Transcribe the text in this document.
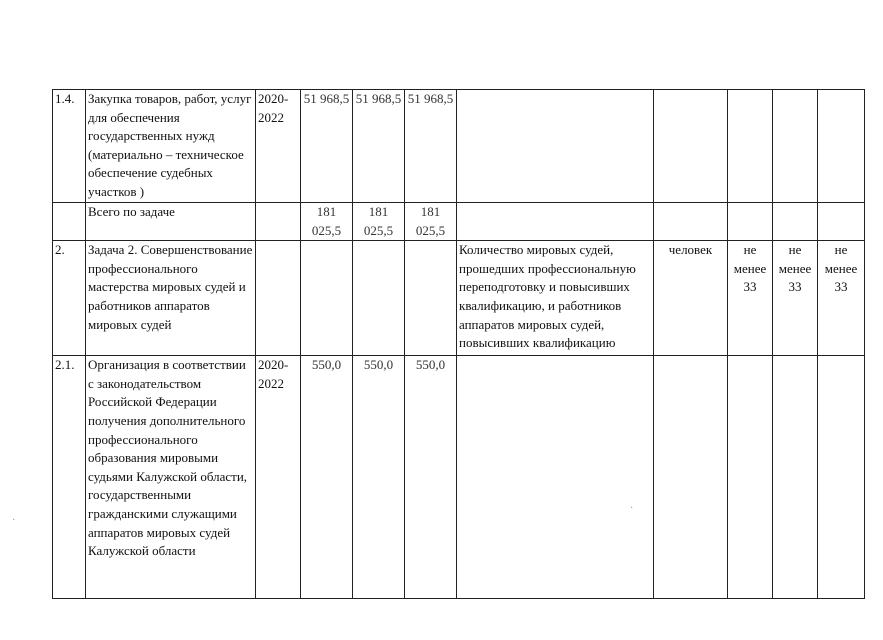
1.4.	Закупка товаров, работ, услуг для обеспечения государственных нужд (материально – техническое обеспечение судебных участков )	2020-2022	51 968,5	51 968,5	51 968,5					
	Всего по задаче		181 025,5	181 025,5	181 025,5					
2.	Задача 2. Совершенствование профессионального мастерства мировых судей и работников аппаратов мировых судей					Количество мировых судей, прошедших профессиональную переподготовку и повысивших квалификацию, и работников аппаратов мировых судей, повысивших квалификацию	человек	не менее 33	не менее 33	не менее 33
2.1.	Организация в соответствии с законодательством Российской Федерации получения дополнительного профессионального образования мировыми судьями Калужской области, государственными гражданскими служащими аппаратов мировых судей Калужской области	2020-2022	550,0	550,0	550,0					
·
·
